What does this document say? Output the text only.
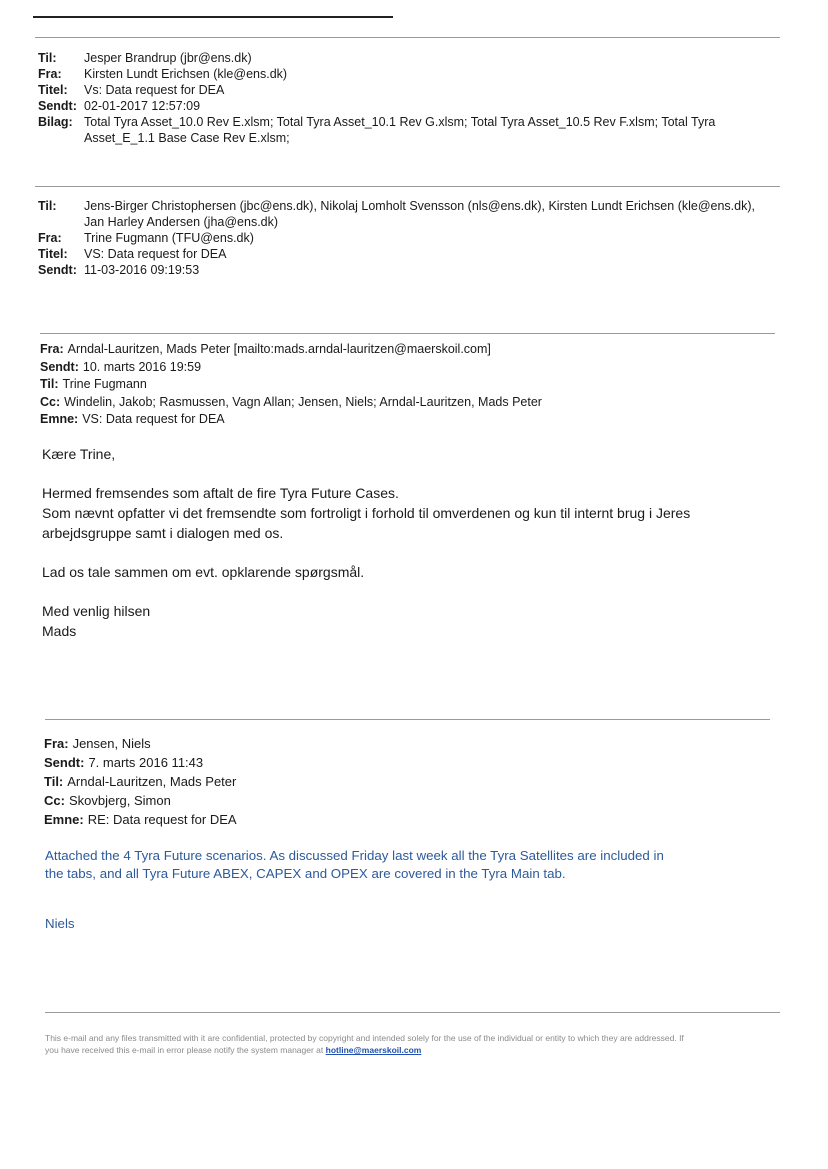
Til:	Jesper Brandrup (jbr@ens.dk)
Fra:	Kirsten Lundt Erichsen (kle@ens.dk)
Titel:	Vs: Data request for DEA
Sendt: 02-01-2017 12:57:09
Bilag: Total Tyra Asset_10.0 Rev E.xlsm; Total Tyra Asset_10.1 Rev G.xlsm; Total Tyra Asset_10.5 Rev F.xlsm; Total Tyra Asset_E_1.1 Base Case Rev E.xlsm;
Til:	Jens-Birger Christophersen (jbc@ens.dk), Nikolaj Lomholt Svensson (nls@ens.dk), Kirsten Lundt Erichsen (kle@ens.dk), Jan Harley Andersen (jha@ens.dk)
Fra:	Trine Fugmann (TFU@ens.dk)
Titel:	VS: Data request for DEA
Sendt: 11-03-2016 09:19:53
Fra: Arndal-Lauritzen, Mads Peter [mailto:mads.arndal-lauritzen@maerskoil.com]
Sendt: 10. marts 2016 19:59
Til: Trine Fugmann
Cc: Windelin, Jakob; Rasmussen, Vagn Allan; Jensen, Niels; Arndal-Lauritzen, Mads Peter
Emne: VS: Data request for DEA

Kære Trine,

Hermed fremsendes som aftalt de fire Tyra Future Cases.

Som nævnt opfatter vi det fremsendte som fortroligt i forhold til omverdenen og kun til internt brug i Jeres

arbejdsgruppe samt i dialogen med os.

Lad os tale sammen om evt. opklarende spørgsmål.

Med venlig hilsen

Mads

Fra: Jensen, Niels
Sendt: 7. marts 2016 11:43
Til: Arndal-Lauritzen, Mads Peter
Cc: Skovbjerg, Simon
Emne: RE: Data request for DEA

Attached the 4 Tyra Future scenarios. As discussed Friday last week all the Tyra Satellites are included in

the tabs, and all Tyra Future ABEX, CAPEX and OPEX are covered in the Tyra Main tab.

Niels

This e-mail and any files transmitted with it are confidential, protected by copyright and intended solely for the use of the individual or entity to which they are addressed. If
you have received this e-mail in error please notify the system manager at hotline@maerskoil.com
